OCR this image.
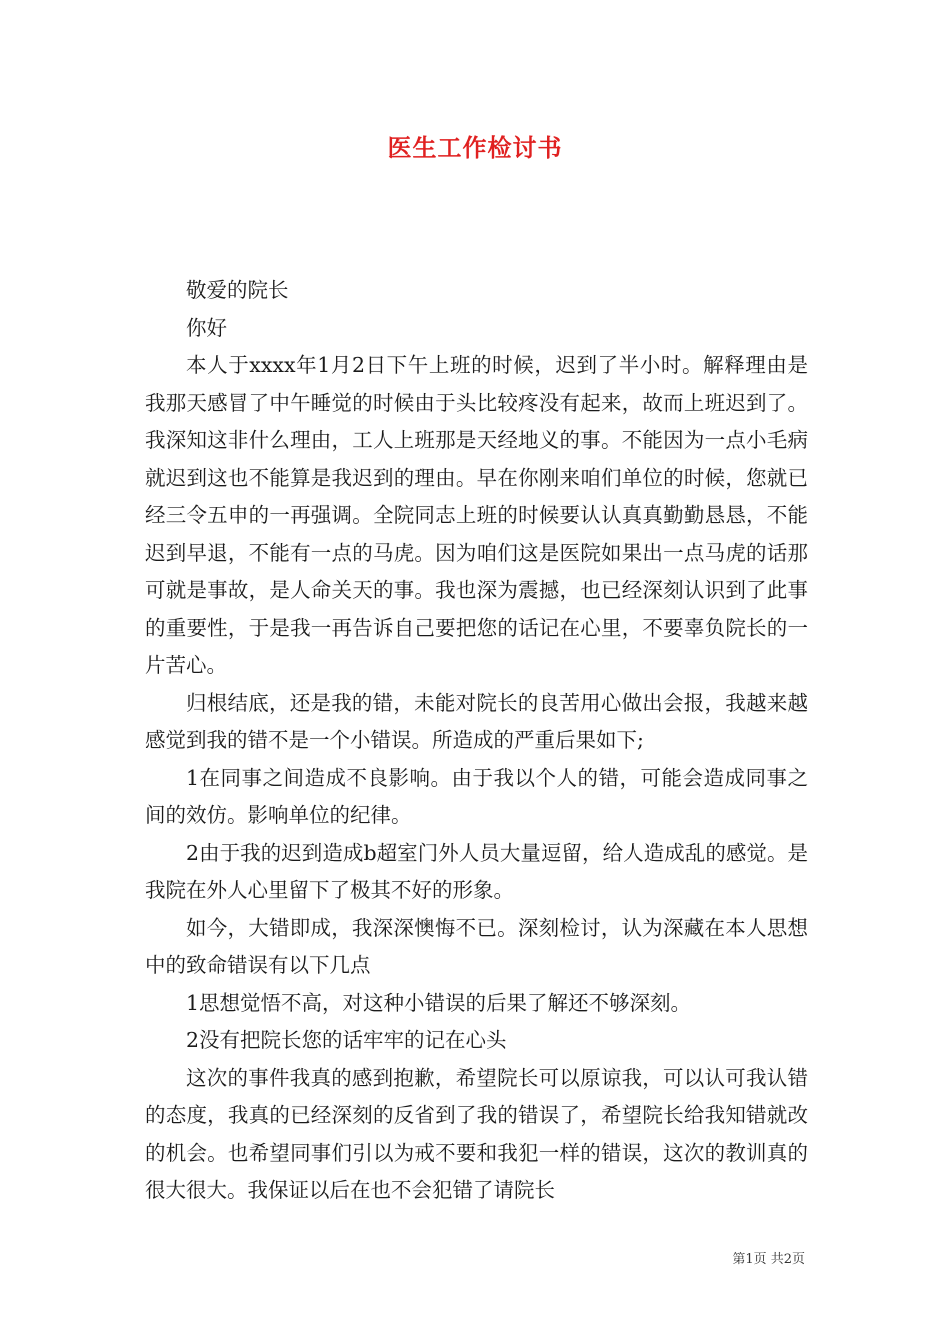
医生工作检讨书

敬爱的院长

你好

本人于xxxx年1月2日下午上班的时候，迟到了半小时。解释理由是我那天感冒了中午睡觉的时候由于头比较疼没有起来，故而上班迟到了。我深知这非什么理由，工人上班那是天经地义的事。不能因为一点小毛病就迟到这也不能算是我迟到的理由。早在你刚来咱们单位的时候，您就已经三令五申的一再强调。全院同志上班的时候要认认真真勤勤恳恳，不能迟到早退，不能有一点的马虎。因为咱们这是医院如果出一点马虎的话那可就是事故，是人命关天的事。我也深为震撼，也已经深刻认识到了此事的重要性，于是我一再告诉自己要把您的话记在心里，不要辜负院长的一片苦心。

归根结底，还是我的错，未能对院长的良苦用心做出会报，我越来越感觉到我的错不是一个小错误。所造成的严重后果如下;

1在同事之间造成不良影响。由于我以个人的错，可能会造成同事之间的效仿。影响单位的纪律。

2由于我的迟到造成b超室门外人员大量逗留，给人造成乱的感觉。是我院在外人心里留下了极其不好的形象。

如今，大错即成，我深深懊悔不已。深刻检讨，认为深藏在本人思想中的致命错误有以下几点

1思想觉悟不高，对这种小错误的后果了解还不够深刻。

2没有把院长您的话牢牢的记在心头

这次的事件我真的感到抱歉，希望院长可以原谅我，可以认可我认错的态度，我真的已经深刻的反省到了我的错误了，希望院长给我知错就改的机会。也希望同事们引以为戒不要和我犯一样的错误，这次的教训真的很大很大。我保证以后在也不会犯错了请院长

第1页 共2页
